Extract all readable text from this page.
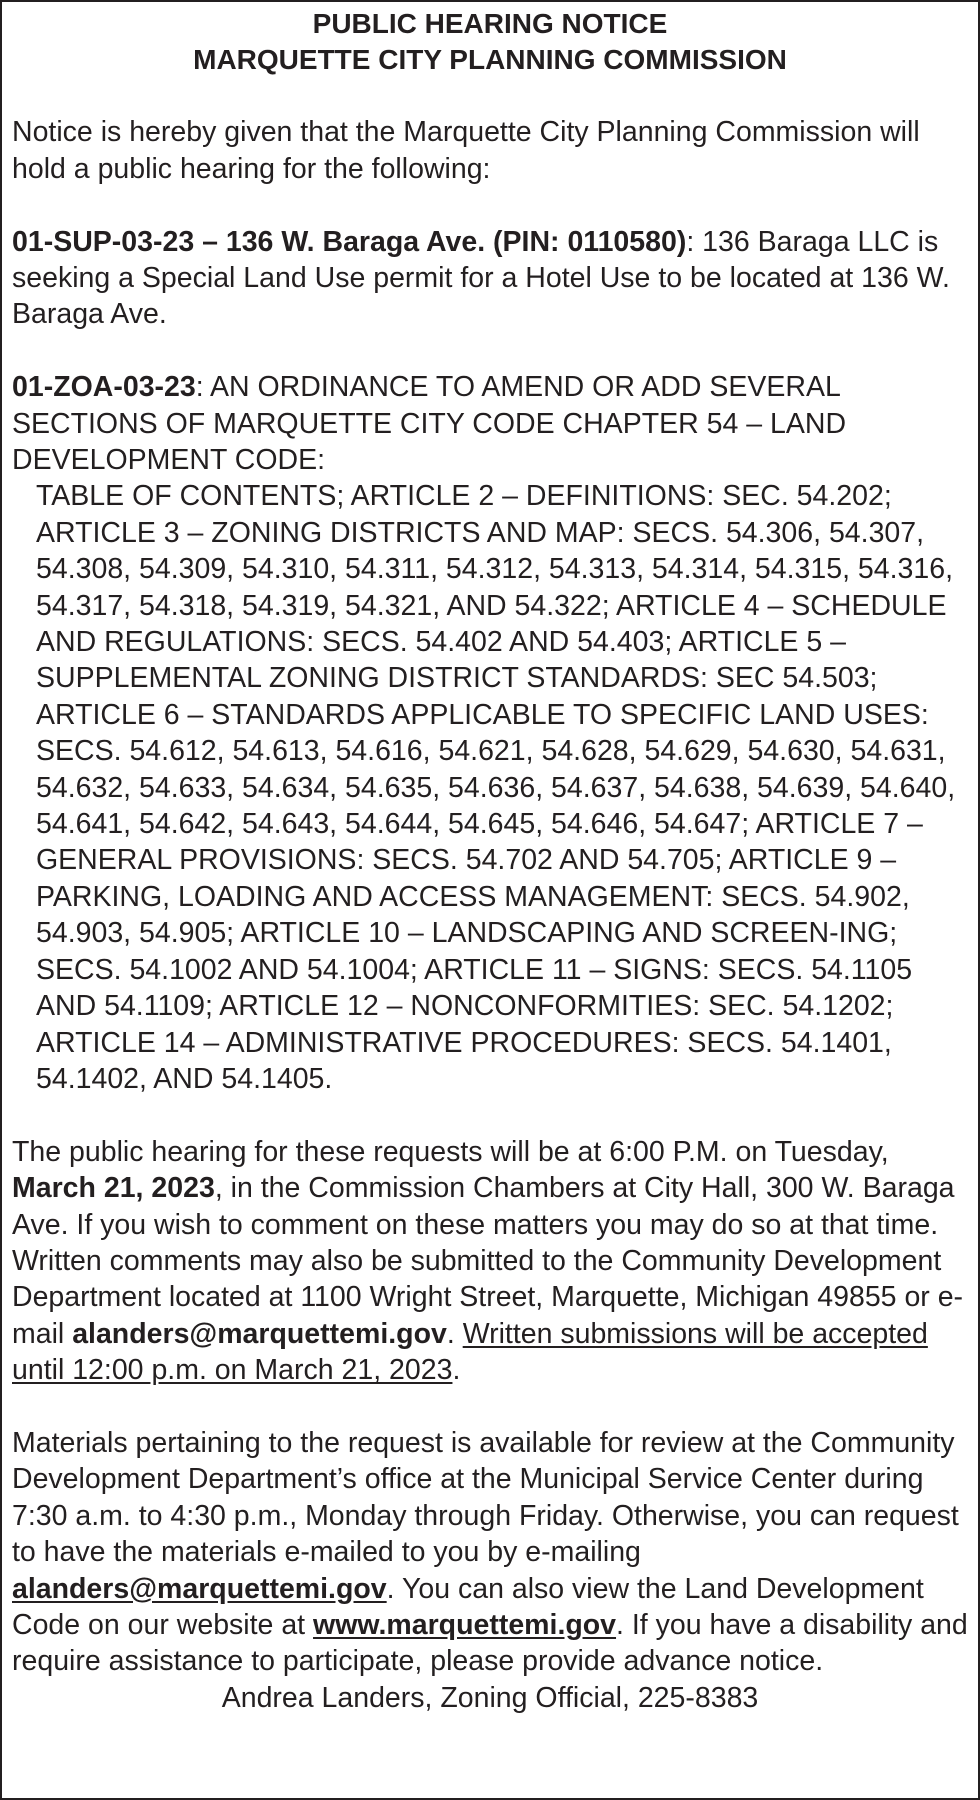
PUBLIC HEARING NOTICE
MARQUETTE CITY PLANNING COMMISSION

Notice is hereby given that the Marquette City Planning Commission will hold a public hearing for the following:

01-SUP-03-23 – 136 W. Baraga Ave. (PIN: 0110580): 136 Baraga LLC is seeking a Special Land Use permit for a Hotel Use to be located at 136 W. Baraga Ave.

01-ZOA-03-23: AN ORDINANCE TO AMEND OR ADD SEVERAL SECTIONS OF MARQUETTE CITY CODE CHAPTER 54 – LAND DEVELOPMENT CODE:

TABLE OF CONTENTS; ARTICLE 2 – DEFINITIONS: SEC. 54.202; ARTICLE 3 – ZONING DISTRICTS AND MAP: SECS. 54.306, 54.307, 54.308, 54.309, 54.310, 54.311, 54.312, 54.313, 54.314, 54.315, 54.316, 54.317, 54.318, 54.319, 54.321, AND 54.322; ARTICLE 4 – SCHEDULE AND REGULATIONS: SECS. 54.402 AND 54.403; ARTICLE 5 – SUPPLEMENTAL ZONING DISTRICT STANDARDS: SEC 54.503; ARTICLE 6 – STANDARDS APPLICABLE TO SPECIFIC LAND USES: SECS. 54.612, 54.613, 54.616, 54.621, 54.628, 54.629, 54.630, 54.631, 54.632, 54.633, 54.634, 54.635, 54.636, 54.637, 54.638, 54.639, 54.640, 54.641, 54.642, 54.643, 54.644, 54.645, 54.646, 54.647; ARTICLE 7 – GENERAL PROVISIONS: SECS. 54.702 AND 54.705; ARTICLE 9 – PARKING, LOADING AND ACCESS MANAGEMENT: SECS. 54.902, 54.903, 54.905; ARTICLE 10 – LANDSCAPING AND SCREEN-ING; SECS. 54.1002 AND 54.1004; ARTICLE 11 – SIGNS: SECS. 54.1105 AND 54.1109; ARTICLE 12 – NONCONFORMITIES: SEC. 54.1202; ARTICLE 14 – ADMINISTRATIVE PROCEDURES: SECS. 54.1401, 54.1402, AND 54.1405.

The public hearing for these requests will be at 6:00 P.M. on Tuesday, March 21, 2023, in the Commission Chambers at City Hall, 300 W. Baraga Ave. If you wish to comment on these matters you may do so at that time. Written comments may also be submitted to the Community Development Department located at 1100 Wright Street, Marquette, Michigan 49855 or e-mail alanders@marquettemi.gov. Written submissions will be accepted until 12:00 p.m. on March 21, 2023.

Materials pertaining to the request is available for review at the Community Development Department’s office at the Municipal Service Center during 7:30 a.m. to 4:30 p.m., Monday through Friday. Otherwise, you can request to have the materials e-mailed to you by e-mailing alanders@marquettemi.gov. You can also view the Land Development Code on our website at www.marquettemi.gov. If you have a disability and require assistance to participate, please provide advance notice.

Andrea Landers, Zoning Official, 225-8383
